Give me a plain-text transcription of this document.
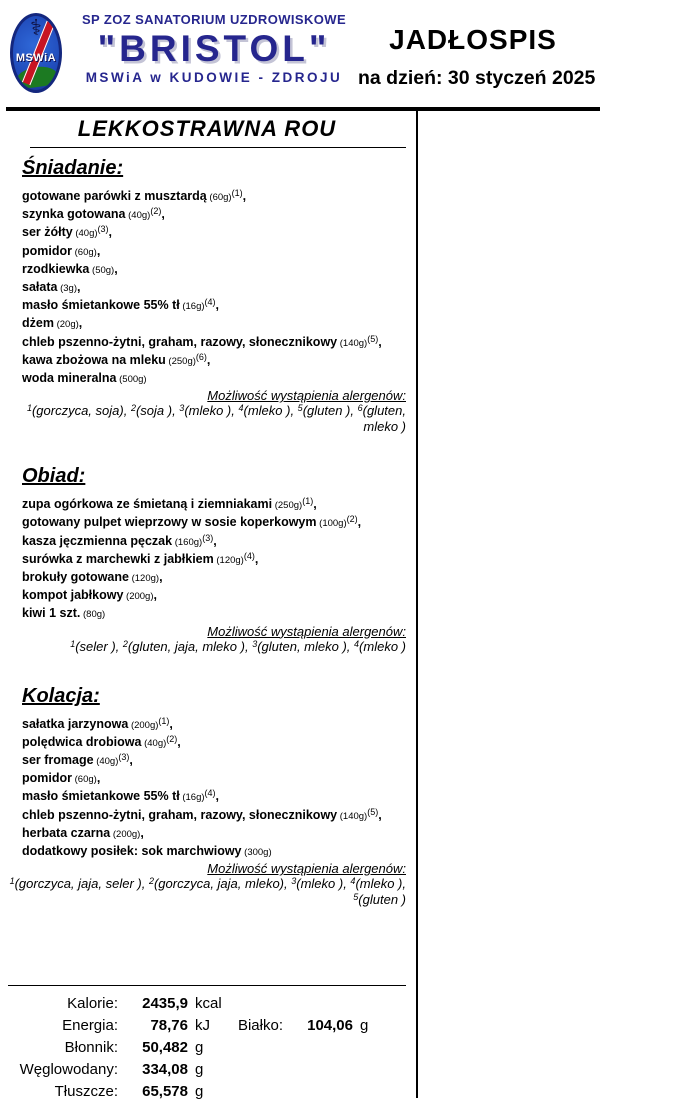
⚕
MSWiA
SP ZOZ SANATORIUM UZDROWISKOWE
"BRISTOL"
MSWiA w KUDOWIE - ZDROJU
JADŁOSPIS
na dzień: 30 styczeń 2025
LEKKOSTRAWNA ROU
Śniadanie:
gotowane parówki z musztardą $(60g)^{(1)}$,
szynka gotowana $(40g)^{(2)}$,
ser żółty $(40g)^{(3)}$,
pomidor (60g),
rzodkiewka (50g),
sałata (3g),
masło śmietankowe 55% tł $(16g)^{(4)}$,
dżem (20g),
chleb pszenno-żytni, graham, razowy, słonecznikowy $(140g)^{(5)}$,
kawa zbożowa na mleku $(250g)^{(6)}$,
woda mineralna (500g)
Możliwość wystąpienia alergenów:
$^1$(gorczyca, soja), $^2$(soja ), $^3$(mleko ), $^4$(mleko ), $^5$(gluten ), $^6$(gluten,
mleko )
Obiad:
zupa ogórkowa ze śmietaną i ziemniakami $(250g)^{(1)}$,
gotowany pulpet wieprzowy w sosie koperkowym $(100g)^{(2)}$,
kasza jęczmienna pęczak $(160g)^{(3)}$,
surówka z marchewki z jabłkiem $(120g)^{(4)}$,
brokuły gotowane (120g),
kompot jabłkowy (200g),
kiwi 1 szt. (80g)
Możliwość wystąpienia alergenów:
$^1$(seler ), $^2$(gluten, jaja, mleko ), $^3$(gluten, mleko ), $^4$(mleko )
Kolacja:
sałatka jarzynowa $(200g)^{(1)}$,
polędwica drobiowa $(40g)^{(2)}$,
ser fromage $(40g)^{(3)}$,
pomidor (60g),
masło śmietankowe 55% tł $(16g)^{(4)}$,
chleb pszenno-żytni, graham, razowy, słonecznikowy $(140g)^{(5)}$,
herbata czarna (200g),
dodatkowy posiłek: sok marchwiowy (300g)
Możliwość wystąpienia alergenów:
$^1$(gorczyca, jaja, seler ), $^2$(gorczyca, jaja, mleko), $^3$(mleko ), $^4$(mleko ),
$^5$(gluten )
Kalorie:	2435,9 kcal
Energia:	78,76 kJ
Błonnik:	50,482 g
Węglowodany:	334,08 g
Tłuszcze:	65,578 g
Białko:	104,06 g
